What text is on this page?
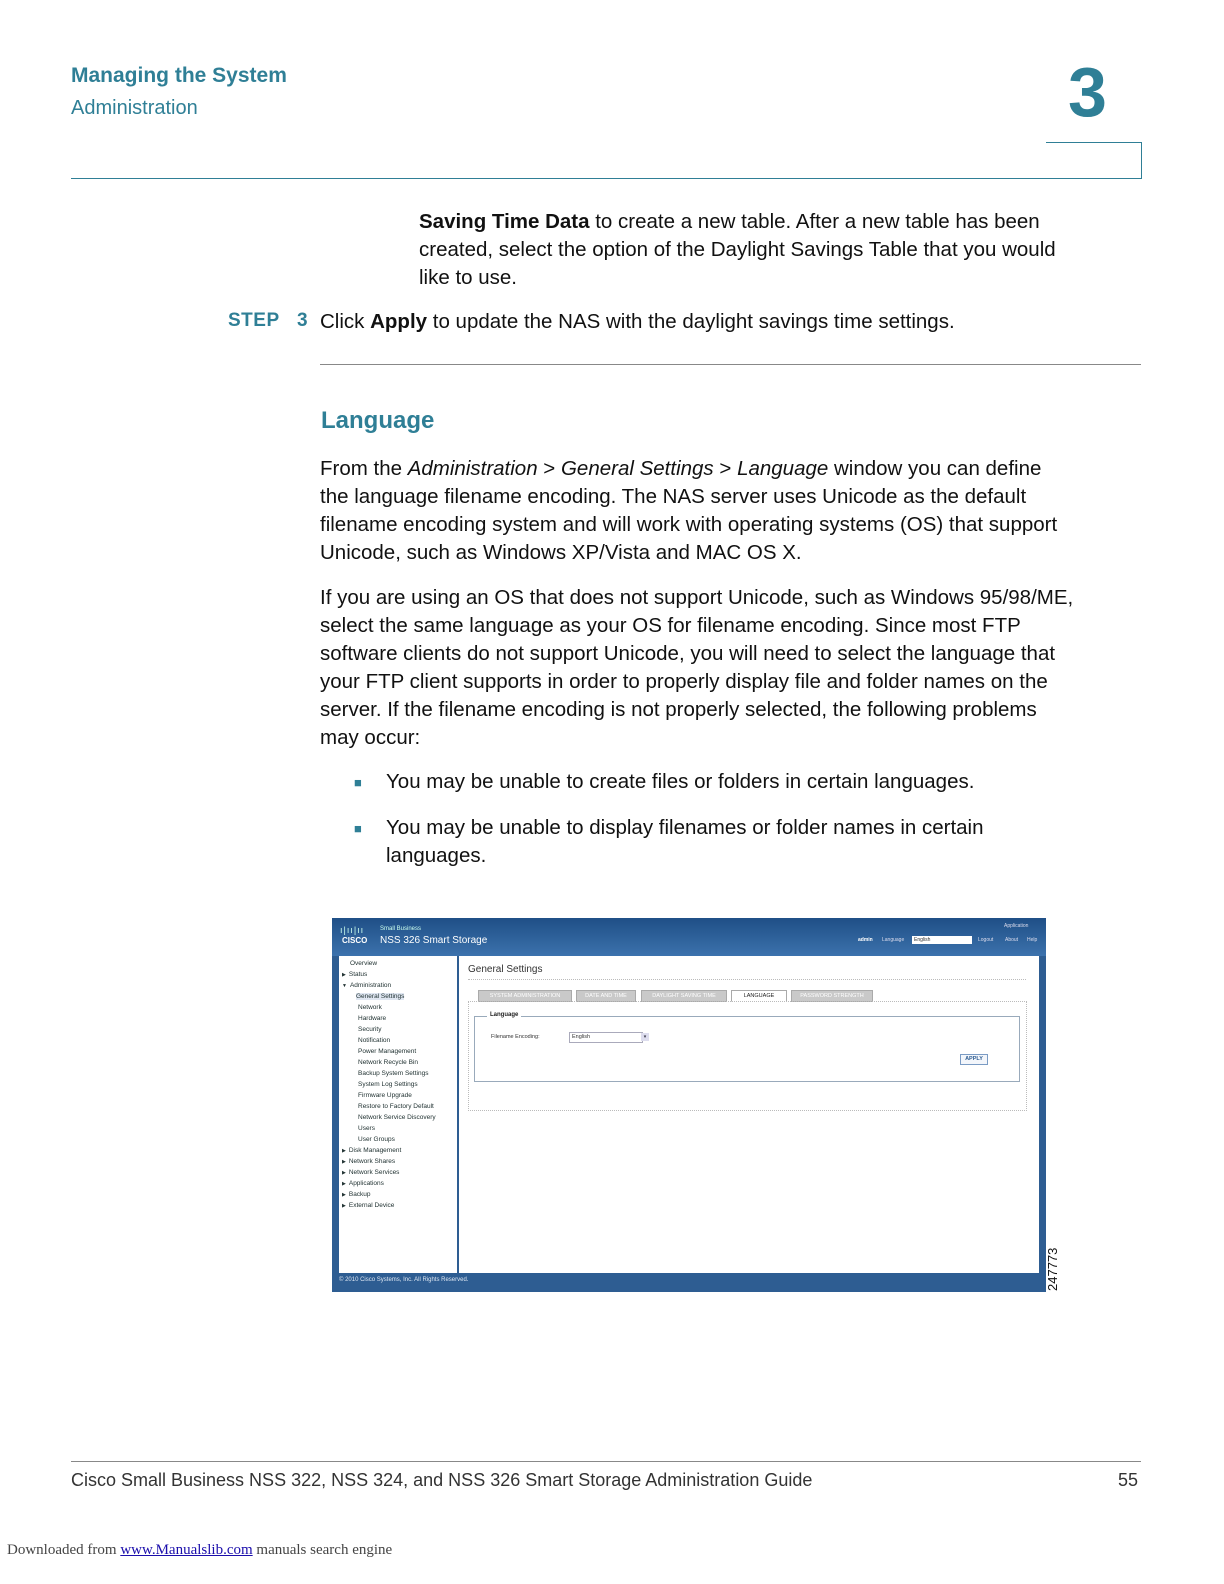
Managing the System
Administration	3
Saving Time Data to create a new table. After a new table has been
created, select the option of the Daylight Savings Table that you would
like to use.
STEP 3 Click Apply to update the NAS with the daylight savings time settings.
Language
From the Administration > General Settings > Language window you can define
the language filename encoding. The NAS server uses Unicode as the default
filename encoding system and will work with operating systems (OS) that support
Unicode, such as Windows XP/Vista and MAC OS X.
If you are using an OS that does not support Unicode, such as Windows 95/98/ME,
select the same language as your OS for filename encoding. Since most FTP
software clients do not support Unicode, you will need to select the language that
your FTP client supports in order to properly display file and folder names on the
server. If the filename encoding is not properly selected, the following problems
may occur:
■ You may be unable to create files or folders in certain languages.
■ You may be unable to display filenames or folder names in certain
languages.
ı|ıı|ıı
CISCO
Small Business
NSS 326 Smart Storage
Application
admin Language	English	Logout About Help
Overview
▶ Status
▼ Administration
General Settings
Network
Hardware
Security
Notification
Power Management
Network Recycle Bin
Backup System Settings
System Log Settings
Firmware Upgrade
Restore to Factory Default
Network Service Discovery
Users
User Groups
▶ Disk Management
▶ Network Shares
▶ Network Services
▶ Applications
▶ Backup
▶ External Device
General Settings
SYSTEM ADMINISTRATION	DATE AND TIME	DAYLIGHT SAVING TIME	LANGUAGE	PASSWORD STRENGTH
Language
Filename Encoding:	English	▾
APPLY
© 2010 Cisco Systems, Inc. All Rights Reserved.	247773
Cisco Small Business NSS 322, NSS 324, and NSS 326 Smart Storage Administration Guide	55
Downloaded from www.Manualslib.com manuals search engine
